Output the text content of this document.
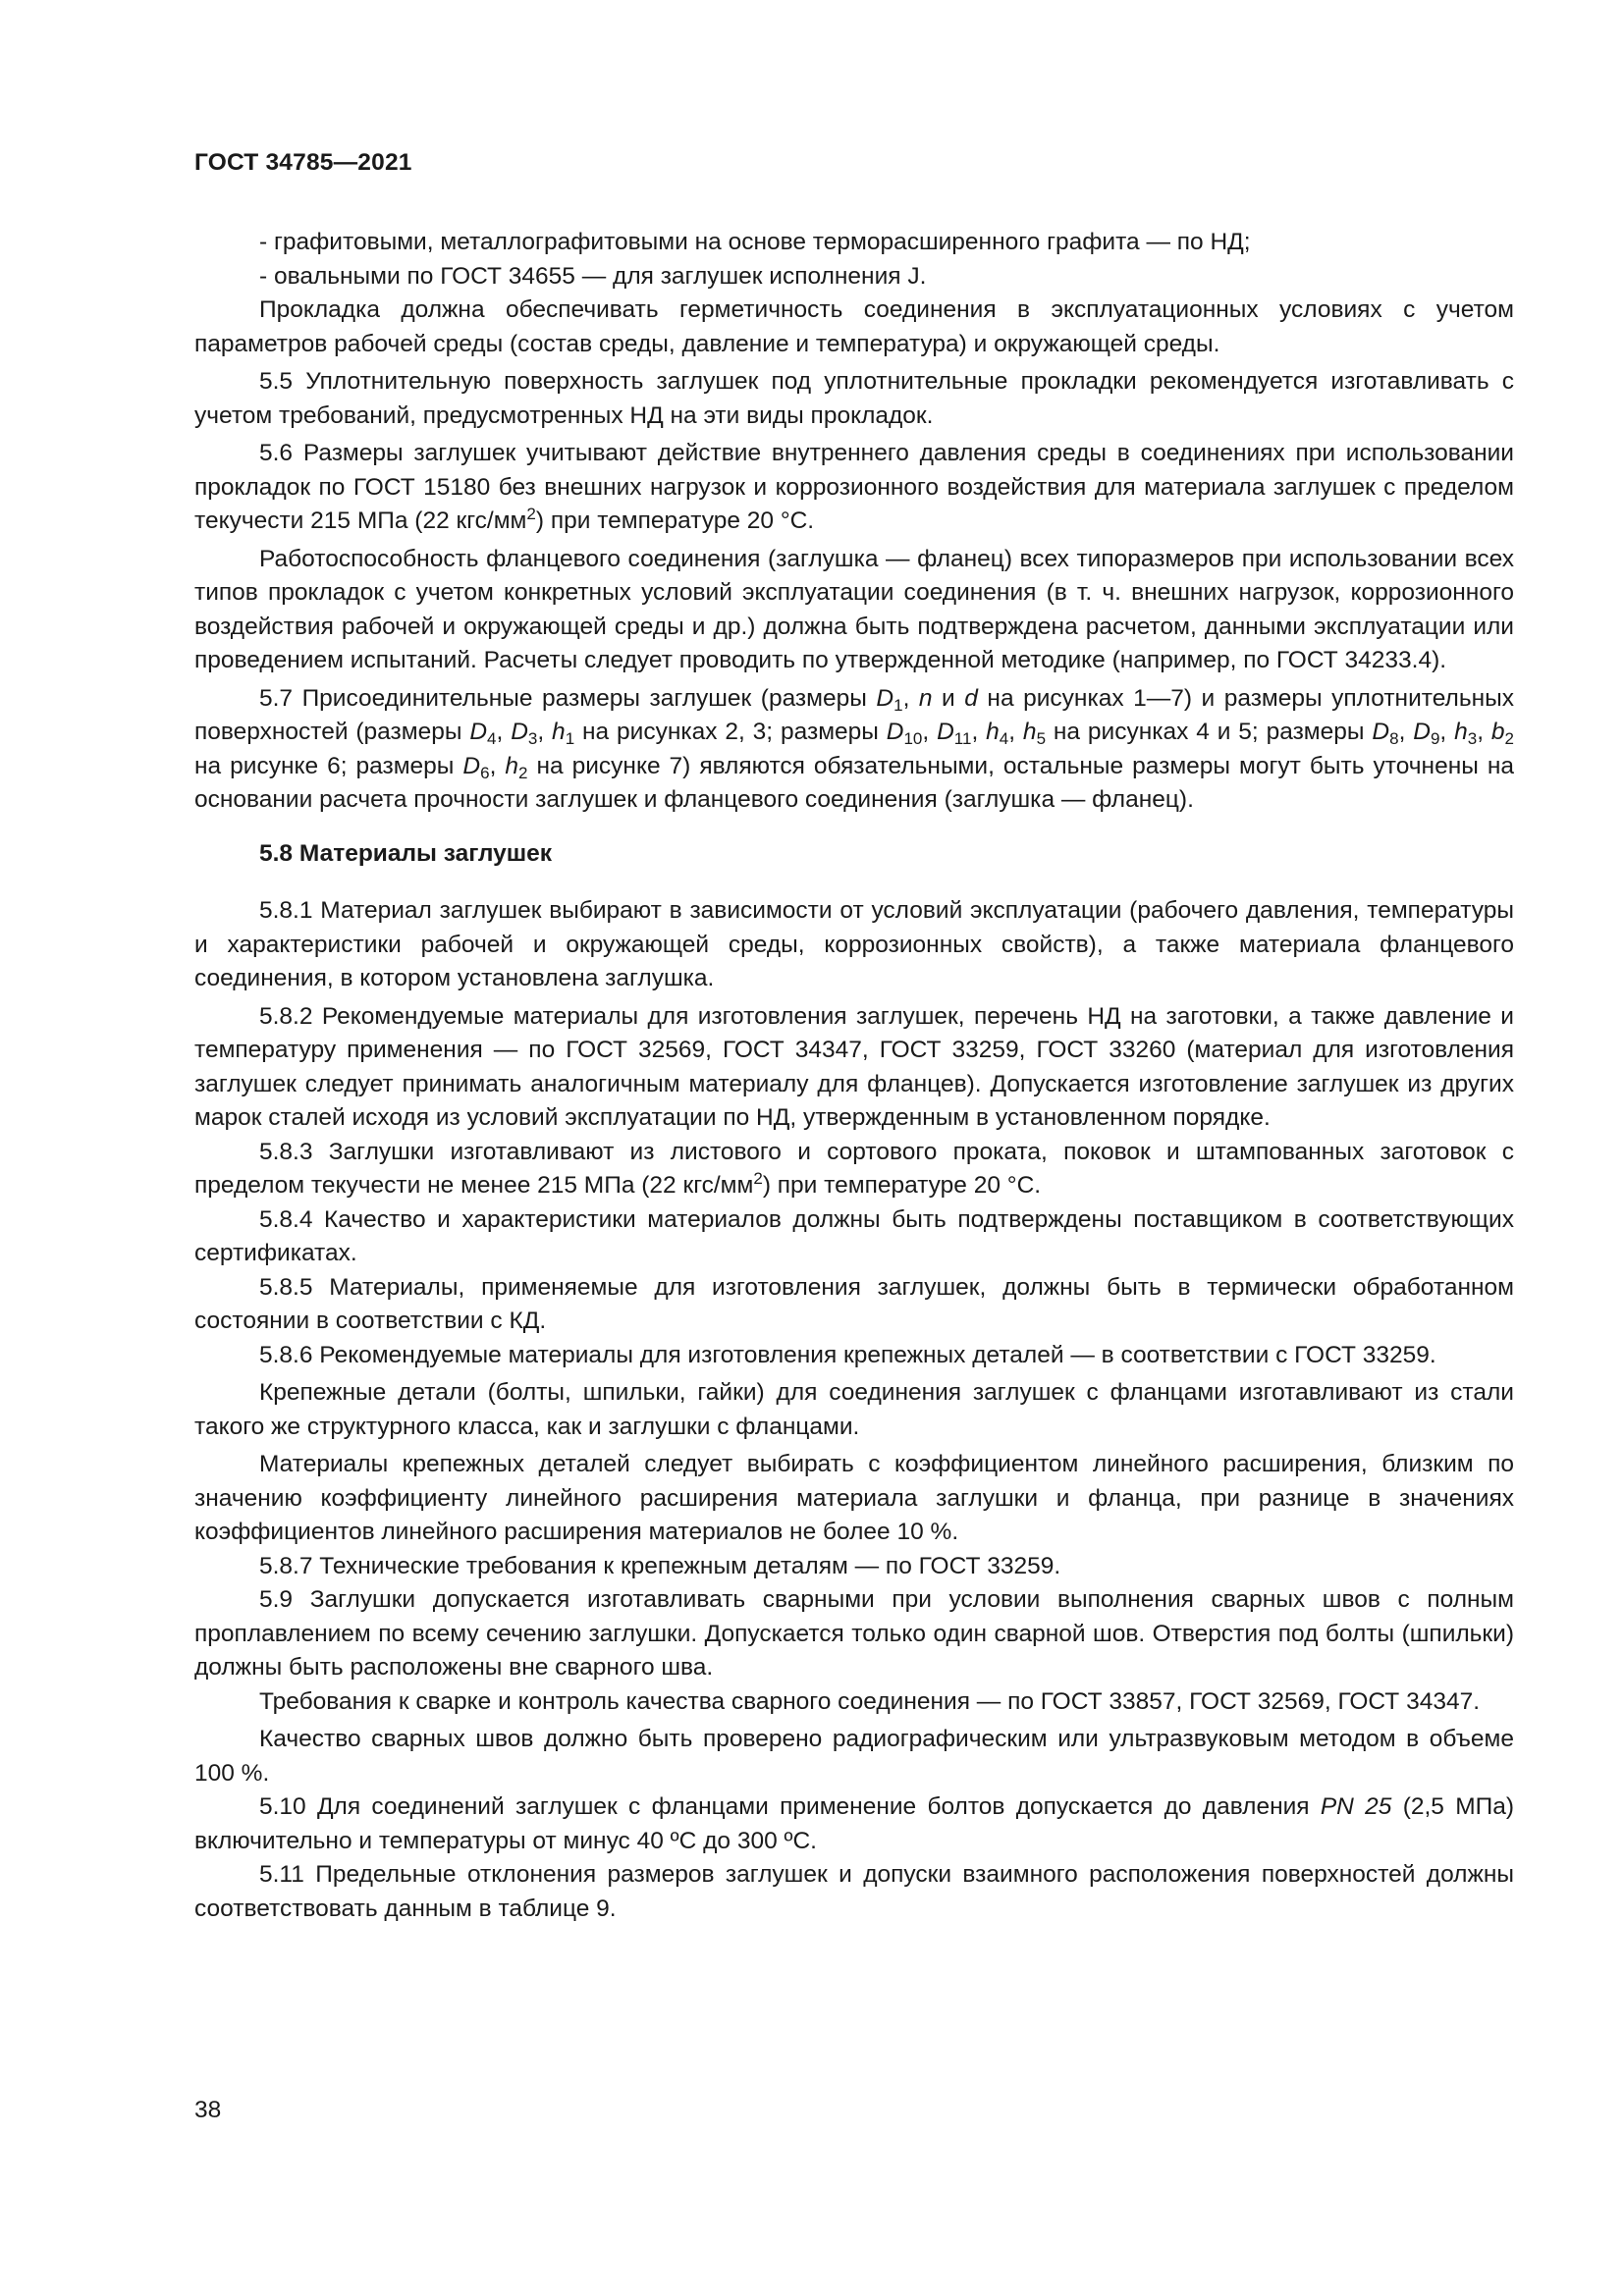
ГОСТ 34785—2021

- графитовыми, металлографитовыми на основе терморасширенного графита — по НД;

- овальными по ГОСТ 34655 — для заглушек исполнения J.

Прокладка должна обеспечивать герметичность соединения в эксплуатационных условиях с учетом параметров рабочей среды (состав среды, давление и температура) и окружающей среды.

5.5 Уплотнительную поверхность заглушек под уплотнительные прокладки рекомендуется изготавливать с учетом требований, предусмотренных НД на эти виды прокладок.

5.6 Размеры заглушек учитывают действие внутреннего давления среды в соединениях при использовании прокладок по ГОСТ 15180 без внешних нагрузок и коррозионного воздействия для материала заглушек с пределом текучести 215 МПа (22 кгс/$мм^2$) при температуре 20 °С.

Работоспособность фланцевого соединения (заглушка — фланец) всех типоразмеров при использовании всех типов прокладок с учетом конкретных условий эксплуатации соединения (в т. ч. внешних нагрузок, коррозионного воздействия рабочей и окружающей среды и др.) должна быть подтверждена расчетом, данными эксплуатации или проведением испытаний. Расчеты следует проводить по утвержденной методике (например, по ГОСТ 34233.4).

5.7 Присоединительные размеры заглушек (размеры $D_1$, n и d на рисунках 1—7) и размеры уплотнительных поверхностей (размеры $D_4$, $D_3$, $h_1$ на рисунках 2, 3; размеры $D_{10}$, $D_{11}$, $h_4$, $h_5$ на рисунках 4 и 5; размеры $D_8$, $D_9$, $h_3$, $b_2$ на рисунке 6; размеры $D_6$, $h_2$ на рисунке 7) являются обязательными, остальные размеры могут быть уточнены на основании расчета прочности заглушек и фланцевого соединения (заглушка — фланец).

5.8 Материалы заглушек

5.8.1 Материал заглушек выбирают в зависимости от условий эксплуатации (рабочего давления, температуры и характеристики рабочей и окружающей среды, коррозионных свойств), а также материала фланцевого соединения, в котором установлена заглушка.

5.8.2 Рекомендуемые материалы для изготовления заглушек, перечень НД на заготовки, а также давление и температуру применения — по ГОСТ 32569, ГОСТ 34347, ГОСТ 33259, ГОСТ 33260 (материал для изготовления заглушек следует принимать аналогичным материалу для фланцев). Допускается изготовление заглушек из других марок сталей исходя из условий эксплуатации по НД, утвержденным в установленном порядке.

5.8.3 Заглушки изготавливают из листового и сортового проката, поковок и штампованных заготовок с пределом текучести не менее 215 МПа (22 кгс/$мм^2$) при температуре 20 °С.

5.8.4 Качество и характеристики материалов должны быть подтверждены поставщиком в соответствующих сертификатах.

5.8.5 Материалы, применяемые для изготовления заглушек, должны быть в термически обработанном состоянии в соответствии с КД.

5.8.6 Рекомендуемые материалы для изготовления крепежных деталей — в соответствии с ГОСТ 33259.

Крепежные детали (болты, шпильки, гайки) для соединения заглушек с фланцами изготавливают из стали такого же структурного класса, как и заглушки с фланцами.

Материалы крепежных деталей следует выбирать с коэффициентом линейного расширения, близким по значению коэффициенту линейного расширения материала заглушки и фланца, при разнице в значениях коэффициентов линейного расширения материалов не более 10 %.

5.8.7 Технические требования к крепежным деталям — по ГОСТ 33259.

5.9 Заглушки допускается изготавливать сварными при условии выполнения сварных швов с полным проплавлением по всему сечению заглушки. Допускается только один сварной шов. Отверстия под болты (шпильки) должны быть расположены вне сварного шва.

Требования к сварке и контроль качества сварного соединения — по ГОСТ 33857, ГОСТ 32569, ГОСТ 34347.

Качество сварных швов должно быть проверено радиографическим или ультразвуковым методом в объеме 100 %.

5.10 Для соединений заглушек с фланцами применение болтов допускается до давления PN 25 (2,5 МПа) включительно и температуры от минус 40 ºС до 300 ºС.

5.11 Предельные отклонения размеров заглушек и допуски взаимного расположения поверхностей должны соответствовать данным в таблице 9.

38
